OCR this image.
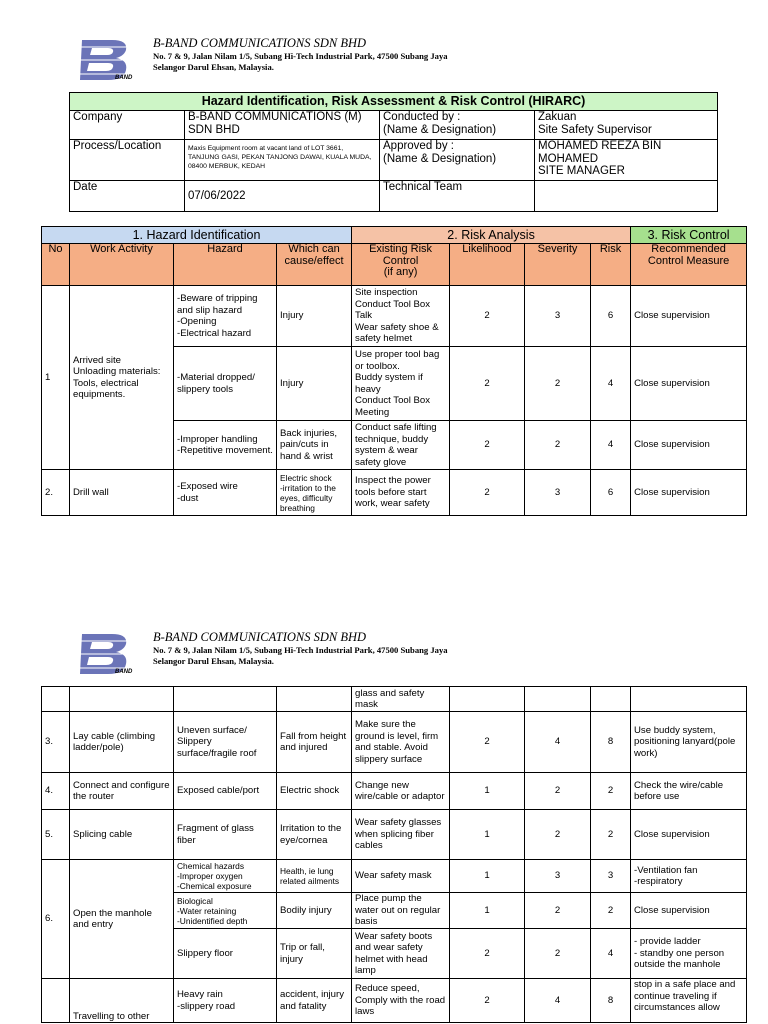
BAND
B-BAND COMMUNICATIONS SDN BHD
No. 7 & 9, Jalan Nilam 1/5, Subang Hi-Tech Industrial Park, 47500 Subang Jaya
Selangor Darul Ehsan, Malaysia.
Hazard Identification, Risk Assessment & Risk Control (HIRARC)			
Company	B-BAND COMMUNICATIONS (M) SDN BHD	Conducted by :
(Name & Designation)	Zakuan
Site Safety Supervisor
Process/Location	Maxis Equipment room at vacant land of LOT 3661, TANJUNG GASI, PEKAN TANJONG DAWAI, KUALA MUDA, 08400 MERBUK, KEDAH	Approved by :
(Name & Designation)	MOHAMED REEZA BIN MOHAMED
SITE MANAGER
Date	07/06/2022	Technical Team	
1. Hazard Identification				2. Risk Analysis				3. Risk Control
No	Work Activity	Hazard	Which can cause/effect	Existing Risk Control
(if any)	Likelihood	Severity	Risk	Recommended Control Measure
1	Arrived site
Unloading materials: Tools, electrical equipments.	-Beware of tripping and slip hazard
-Opening
-Electrical hazard	Injury	Site inspection
Conduct Tool Box Talk
Wear safety shoe & safety helmet	2	3	6	Close supervision
		-Material dropped/ slippery tools	Injury	Use proper tool bag or toolbox.
Buddy system if heavy
Conduct Tool Box Meeting	2	2	4	Close supervision
		-Improper handling
-Repetitive movement.	Back injuries, pain/cuts in hand & wrist	Conduct safe lifting technique, buddy system & wear safety glove	2	2	4	Close supervision
2.	Drill wall	-Exposed wire
-dust	Electric shock
-irritation to the eyes, difficulty breathing	Inspect the power tools before start work, wear safety	2	3	6	Close supervision
BAND
B-BAND COMMUNICATIONS SDN BHD
No. 7 & 9, Jalan Nilam 1/5, Subang Hi-Tech Industrial Park, 47500 Subang Jaya
Selangor Darul Ehsan, Malaysia.
				glass and safety mask				
3.	Lay cable (climbing ladder/pole)	Uneven surface/ Slippery surface/fragile roof	Fall from height and injured	Make sure the ground is level, firm and stable. Avoid slippery surface	2	4	8	Use buddy system, positioning lanyard(pole work)
4.	Connect and configure the router	Exposed cable/port	Electric shock	Change new wire/cable or adaptor	1	2	2	Check the wire/cable before use
5.	Splicing cable	Fragment of glass fiber	Irritation to the eye/cornea	Wear safety glasses when splicing fiber cables	1	2	2	Close supervision
6.	Open the manhole and entry	Chemical hazards
-Improper oxygen
-Chemical exposure	Health, ie lung related ailments	Wear safety mask	1	3	3	-Ventilation fan
-respiratory
		Biological
-Water retaining
-Unidentified depth	Bodily injury	Place pump the water out on regular basis	1	2	2	Close supervision
		Slippery floor	Trip or fall, injury	Wear safety boots and wear safety helmet with head lamp	2	2	4	- provide ladder
- standby one person outside the manhole
	Travelling to other	Heavy rain
-slippery road	accident, injury and fatality	Reduce speed, Comply with the road laws	2	4	8	stop in a safe place and continue traveling if circumstances allow
